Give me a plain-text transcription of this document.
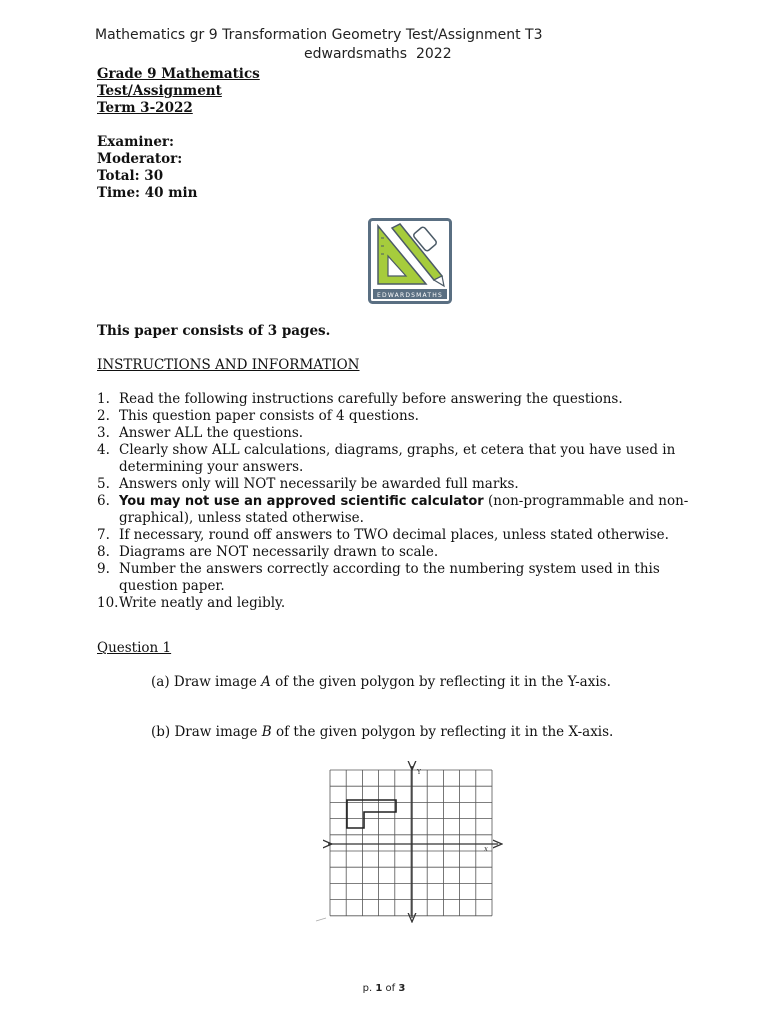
Mathematics gr 9 Transformation Geometry Test/Assignment T3
edwardsmaths  2022
Grade 9 Mathematics
Test/Assignment
Term 3-2022
Examiner:
Moderator:
Total: 30
Time: 40 min
EDWARDSMATHS
This paper consists of 3 pages.
INSTRUCTIONS AND INFORMATION
1. Read the following instructions carefully before answering the questions.
2. This question paper consists of 4 questions.
3. Answer ALL the questions.
4. Clearly show ALL calculations, diagrams, graphs, et cetera that you have used in determining your answers.
5. Answers only will NOT necessarily be awarded full marks.
6. You may not use an approved scientific calculator (non-programmable and non-graphical), unless stated otherwise.
7. If necessary, round off answers to TWO decimal places, unless stated otherwise.
8. Diagrams are NOT necessarily drawn to scale.
9. Number the answers correctly according to the numbering system used in this question paper.
10. Write neatly and legibly.
Question 1
(a) Draw image A of the given polygon by reflecting it in the Y-axis.
(b) Draw image B of the given polygon by reflecting it in the X-axis.
x
Y
p. 1 of 3
